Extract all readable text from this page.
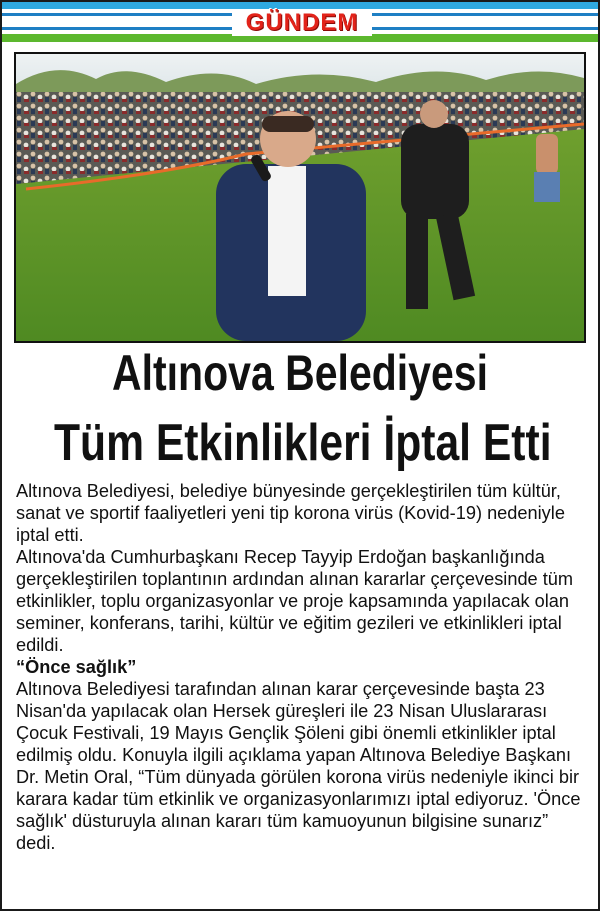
GÜNDEM
Altınova Belediyesi
Tüm Etkinlikleri İptal Etti

Altınova Belediyesi, belediye bünyesinde gerçekleştirilen tüm kültür, sanat ve sportif faaliyetleri yeni tip korona virüs (Kovid-19) nedeniyle iptal etti.

Altınova'da Cumhurbaşkanı Recep Tayyip Erdoğan başkanlığında gerçekleştirilen toplantının ardından alınan kararlar çerçevesinde tüm etkinlikler, toplu organizasyonlar ve proje kapsamında yapılacak olan seminer, konferans, tarihi, kültür ve eğitim gezileri ve etkinlikleri iptal edildi.

“Önce sağlık”

Altınova Belediyesi tarafından alınan karar çerçevesinde başta 23 Nisan'da yapılacak olan Hersek güreşleri ile 23 Nisan Uluslararası Çocuk Festivali, 19 Mayıs Gençlik Şöleni gibi önemli etkinlikler iptal edilmiş oldu. Konuyla ilgili açıklama yapan Altınova Belediye Başkanı Dr. Metin Oral, “Tüm dünyada görülen korona virüs nedeniyle ikinci bir karara kadar tüm etkinlik ve organizasyonlarımızı iptal ediyoruz. 'Önce sağlık' düsturuyla alınan kararı tüm kamuoyunun bilgisine sunarız” dedi.
